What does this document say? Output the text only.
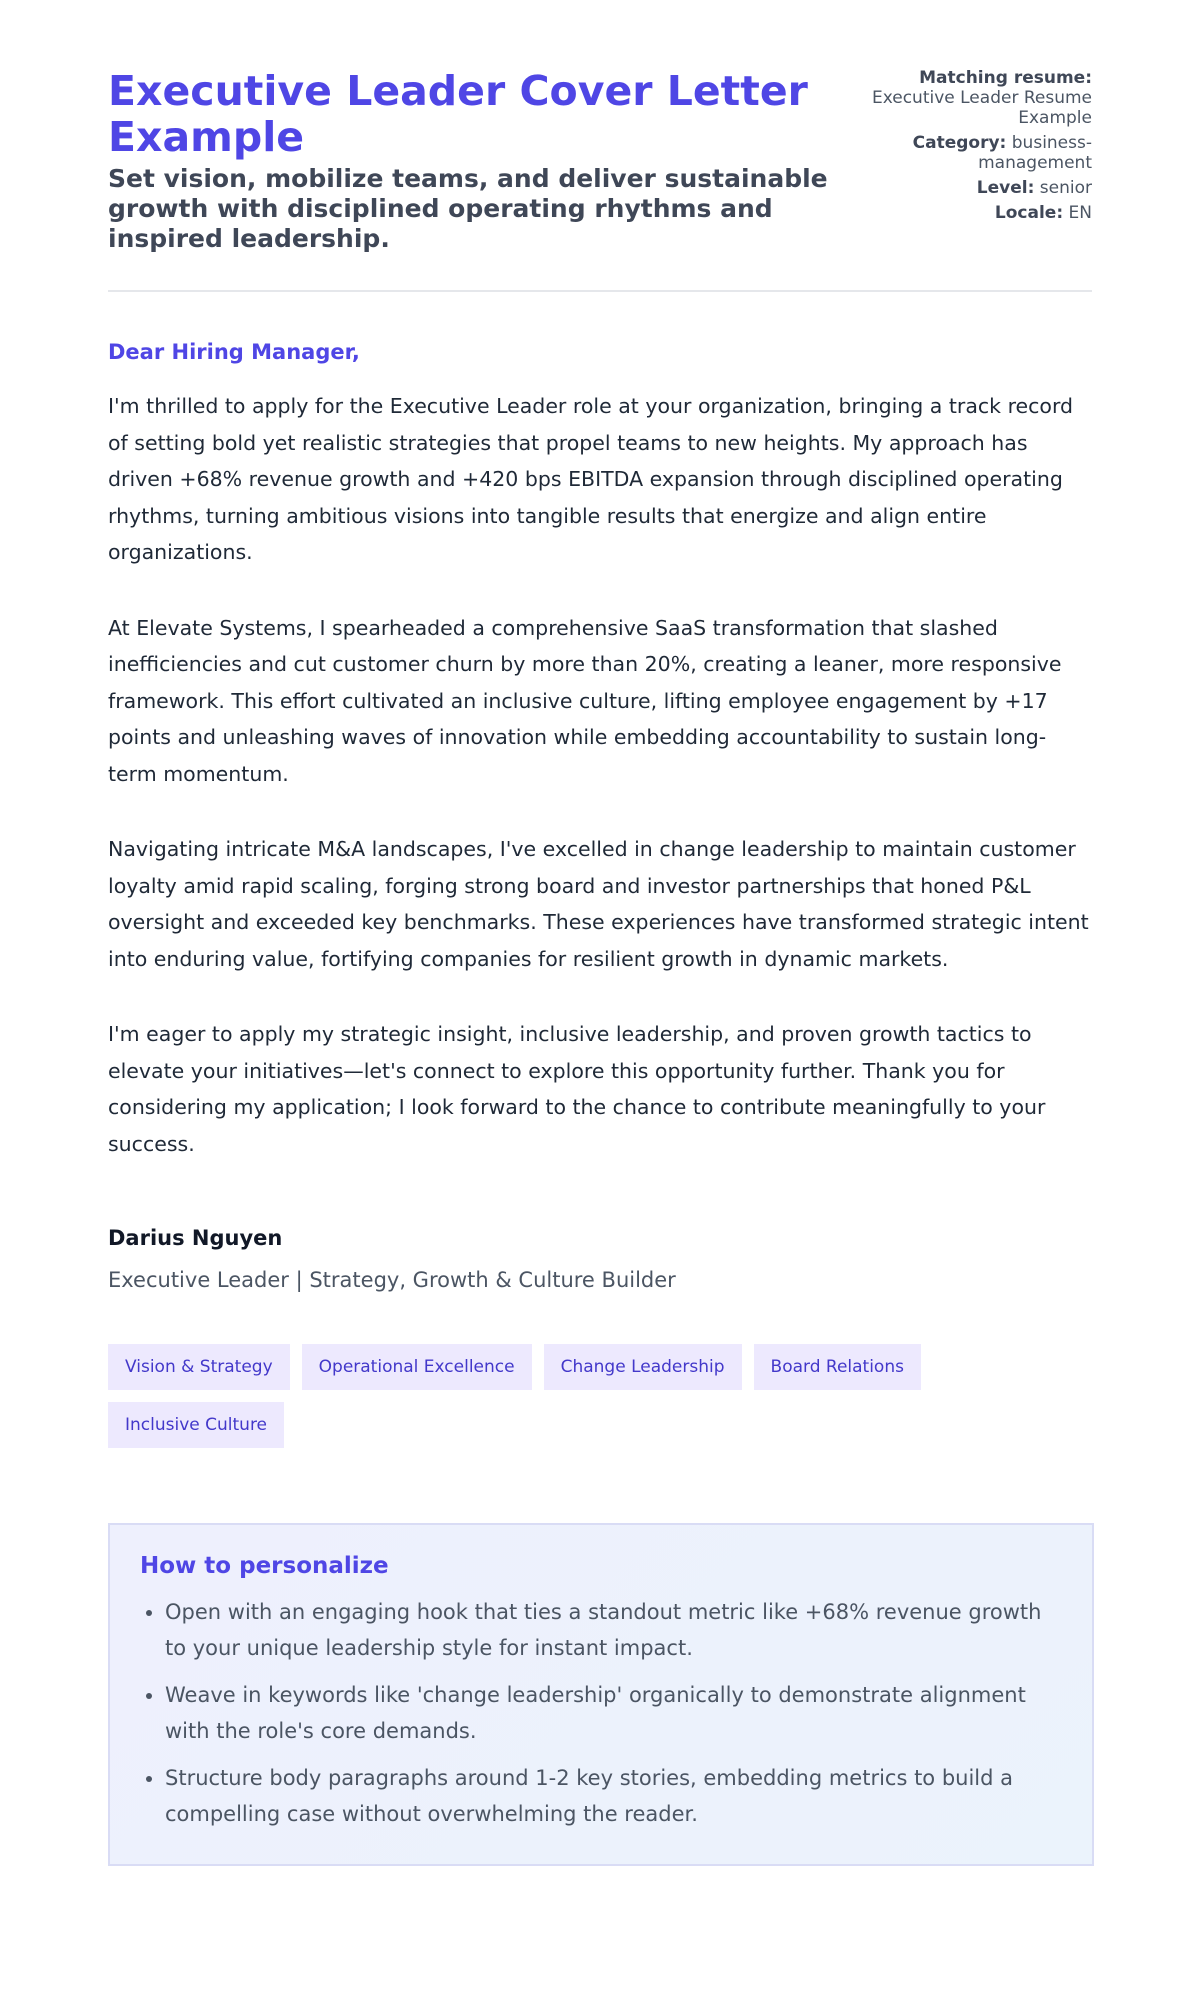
Executive Leader Cover Letter Example
Set vision, mobilize teams, and deliver sustainable growth with disciplined operating rhythms and inspired leadership.
Matching resume: Executive Leader Resume Example
Category: business-management
Level: senior
Locale: EN
Dear Hiring Manager,

I'm thrilled to apply for the Executive Leader role at your organization, bringing a track record of setting bold yet realistic strategies that propel teams to new heights. My approach has driven +68% revenue growth and +420 bps EBITDA expansion through disciplined operating rhythms, turning ambitious visions into tangible results that energize and align entire organizations.

At Elevate Systems, I spearheaded a comprehensive SaaS transformation that slashed inefficiencies and cut customer churn by more than 20%, creating a leaner, more responsive framework. This effort cultivated an inclusive culture, lifting employee engagement by +17 points and unleashing waves of innovation while embedding accountability to sustain long-term momentum.

Navigating intricate M&A landscapes, I've excelled in change leadership to maintain customer loyalty amid rapid scaling, forging strong board and investor partnerships that honed P&L oversight and exceeded key benchmarks. These experiences have transformed strategic intent into enduring value, fortifying companies for resilient growth in dynamic markets.

I'm eager to apply my strategic insight, inclusive leadership, and proven growth tactics to elevate your initiatives—let's connect to explore this opportunity further. Thank you for considering my application; I look forward to the chance to contribute meaningfully to your success.

Darius Nguyen
Executive Leader | Strategy, Growth & Culture Builder
Vision & Strategy	Operational Excellence	Change Leadership	Board Relations
Inclusive Culture
How to personalize
• Open with an engaging hook that ties a standout metric like +68% revenue growth to your unique leadership style for instant impact.
• Weave in keywords like 'change leadership' organically to demonstrate alignment with the role's core demands.
• Structure body paragraphs around 1-2 key stories, embedding metrics to build a compelling case without overwhelming the reader.
